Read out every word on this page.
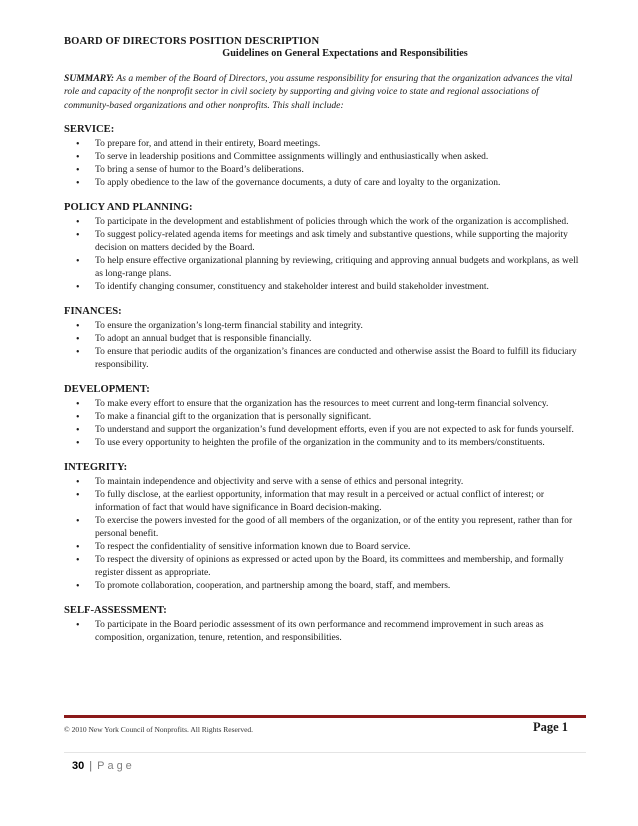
BOARD OF DIRECTORS POSITION DESCRIPTION
Guidelines on General Expectations and Responsibilities
SUMMARY: As a member of the Board of Directors, you assume responsibility for ensuring that the organization advances the vital role and capacity of the nonprofit sector in civil society by supporting and giving voice to state and regional associations of community-based organizations and other nonprofits. This shall include:
SERVICE:
• To prepare for, and attend in their entirety, Board meetings.
• To serve in leadership positions and Committee assignments willingly and enthusiastically when asked.
• To bring a sense of humor to the Board’s deliberations.
• To apply obedience to the law of the governance documents, a duty of care and loyalty to the organization.
POLICY AND PLANNING:
• To participate in the development and establishment of policies through which the work of the organization is accomplished.
• To suggest policy-related agenda items for meetings and ask timely and substantive questions, while supporting the majority decision on matters decided by the Board.
• To help ensure effective organizational planning by reviewing, critiquing and approving annual budgets and workplans, as well as long-range plans.
• To identify changing consumer, constituency and stakeholder interest and build stakeholder investment.
FINANCES:
• To ensure the organization’s long-term financial stability and integrity.
• To adopt an annual budget that is responsible financially.
• To ensure that periodic audits of the organization’s finances are conducted and otherwise assist the Board to fulfill its fiduciary responsibility.
DEVELOPMENT:
• To make every effort to ensure that the organization has the resources to meet current and long-term financial solvency.
• To make a financial gift to the organization that is personally significant.
• To understand and support the organization’s fund development efforts, even if you are not expected to ask for funds yourself.
• To use every opportunity to heighten the profile of the organization in the community and to its members/constituents.
INTEGRITY:
• To maintain independence and objectivity and serve with a sense of ethics and personal integrity.
• To fully disclose, at the earliest opportunity, information that may result in a perceived or actual conflict of interest; or information of fact that would have significance in Board decision-making.
• To exercise the powers invested for the good of all members of the organization, or of the entity you represent, rather than for personal benefit.
• To respect the confidentiality of sensitive information known due to Board service.
• To respect the diversity of opinions as expressed or acted upon by the Board, its committees and membership, and formally register dissent as appropriate.
• To promote collaboration, cooperation, and partnership among the board, staff, and members.
SELF-ASSESSMENT:
• To participate in the Board periodic assessment of its own performance and recommend improvement in such areas as composition, organization, tenure, retention, and responsibilities.
© 2010 New York Council of Nonprofits. All Rights Reserved.	Page 1
30 | Page
